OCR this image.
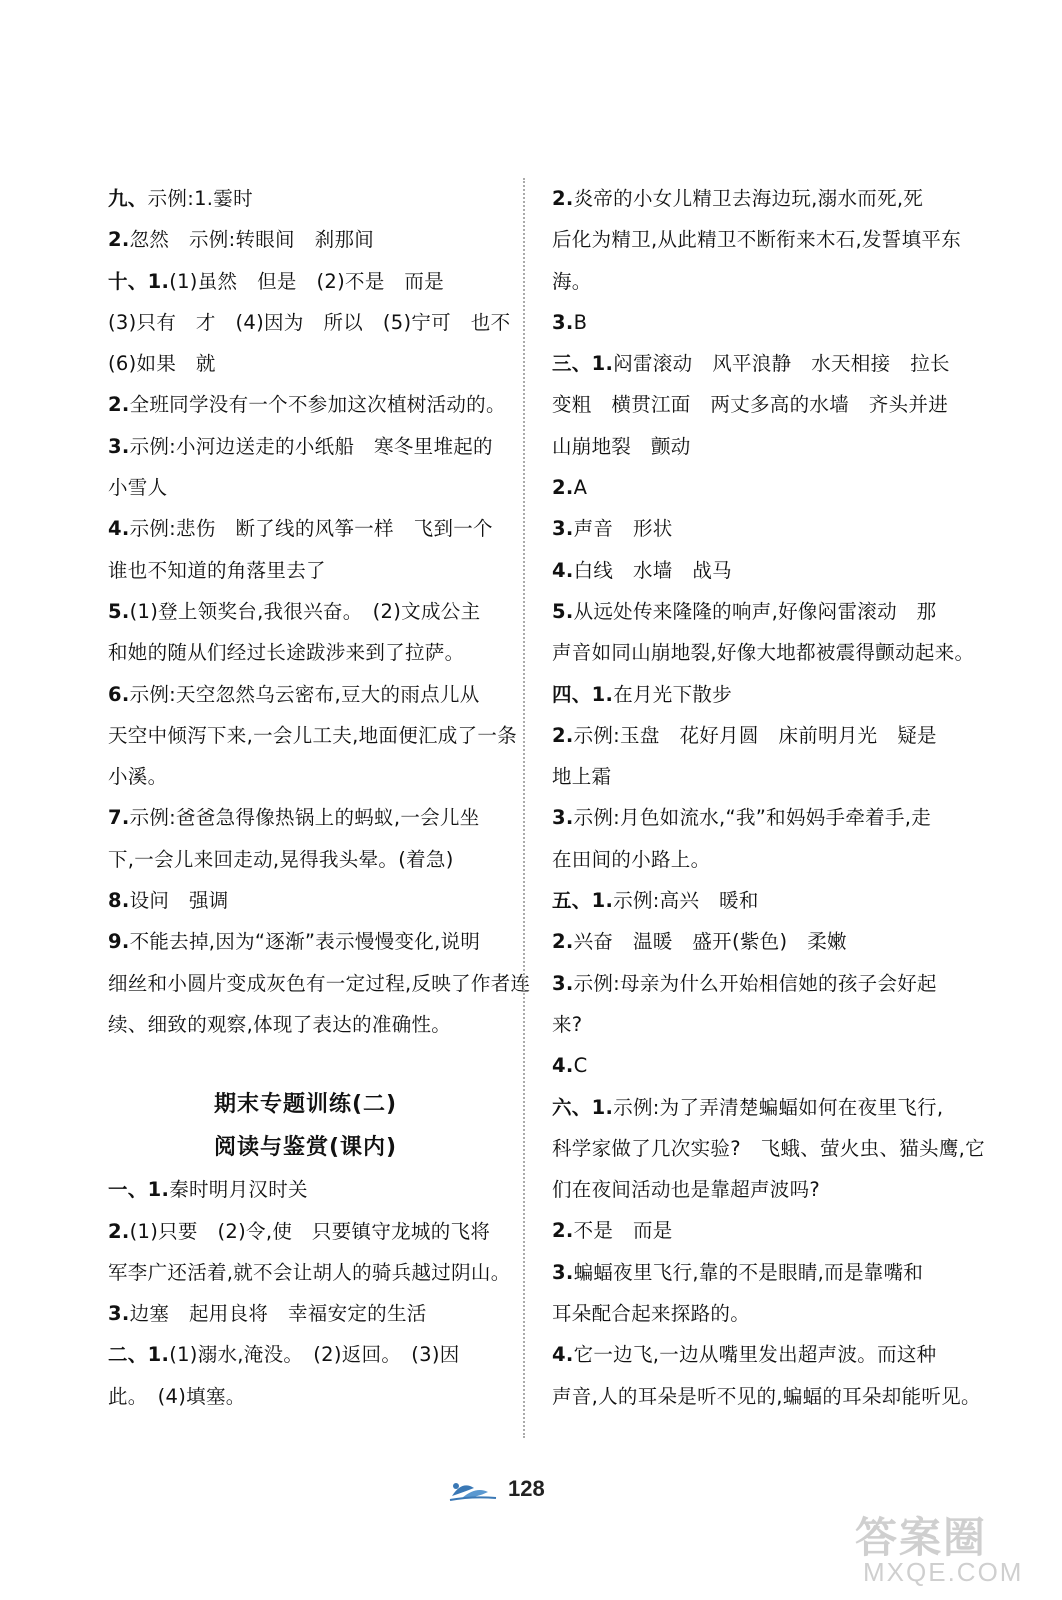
九、示例:1.霎时
2.忽然　示例:转眼间　刹那间
十、1.(1)虽然　但是　(2)不是　而是
(3)只有　才　(4)因为　所以　(5)宁可　也不
(6)如果　就
2.全班同学没有一个不参加这次植树活动的。
3.示例:小河边送走的小纸船　寒冬里堆起的
小雪人
4.示例:悲伤　断了线的风筝一样　飞到一个
谁也不知道的角落里去了
5.(1)登上领奖台,我很兴奋。　(2)文成公主
和她的随从们经过长途跋涉来到了拉萨。
6.示例:天空忽然乌云密布,豆大的雨点儿从
天空中倾泻下来,一会儿工夫,地面便汇成了一条
小溪。
7.示例:爸爸急得像热锅上的蚂蚁,一会儿坐
下,一会儿来回走动,晃得我头晕。(着急)
8.设问　强调
9.不能去掉,因为“逐渐”表示慢慢变化,说明
细丝和小圆片变成灰色有一定过程,反映了作者连
续、细致的观察,体现了表达的准确性。
期末专题训练(二)
阅读与鉴赏(课内)
一、1.秦时明月汉时关
2.(1)只要　(2)令,使　只要镇守龙城的飞将
军李广还活着,就不会让胡人的骑兵越过阴山。
3.边塞　起用良将　幸福安定的生活
二、1.(1)溺水,淹没。　(2)返回。　(3)因
此。　(4)填塞。
2.炎帝的小女儿精卫去海边玩,溺水而死,死
后化为精卫,从此精卫不断衔来木石,发誓填平东
海。
3.B
三、1.闷雷滚动　风平浪静　水天相接　拉长
变粗　横贯江面　两丈多高的水墙　齐头并进
山崩地裂　颤动
2.A
3.声音　形状
4.白线　水墙　战马
5.从远处传来隆隆的响声,好像闷雷滚动　那
声音如同山崩地裂,好像大地都被震得颤动起来。
四、1.在月光下散步
2.示例:玉盘　花好月圆　床前明月光　疑是
地上霜
3.示例:月色如流水,“我”和妈妈手牵着手,走
在田间的小路上。
五、1.示例:高兴　暖和
2.兴奋　温暖　盛开(紫色)　柔嫩
3.示例:母亲为什么开始相信她的孩子会好起
来?
4.C
六、1.示例:为了弄清楚蝙蝠如何在夜里飞行,
科学家做了几次实验?　飞蛾、萤火虫、猫头鹰,它
们在夜间活动也是靠超声波吗?
2.不是　而是
3.蝙蝠夜里飞行,靠的不是眼睛,而是靠嘴和
耳朵配合起来探路的。
4.它一边飞,一边从嘴里发出超声波。而这种
声音,人的耳朵是听不见的,蝙蝠的耳朵却能听见。
128
答案圈
MXQE.COM
